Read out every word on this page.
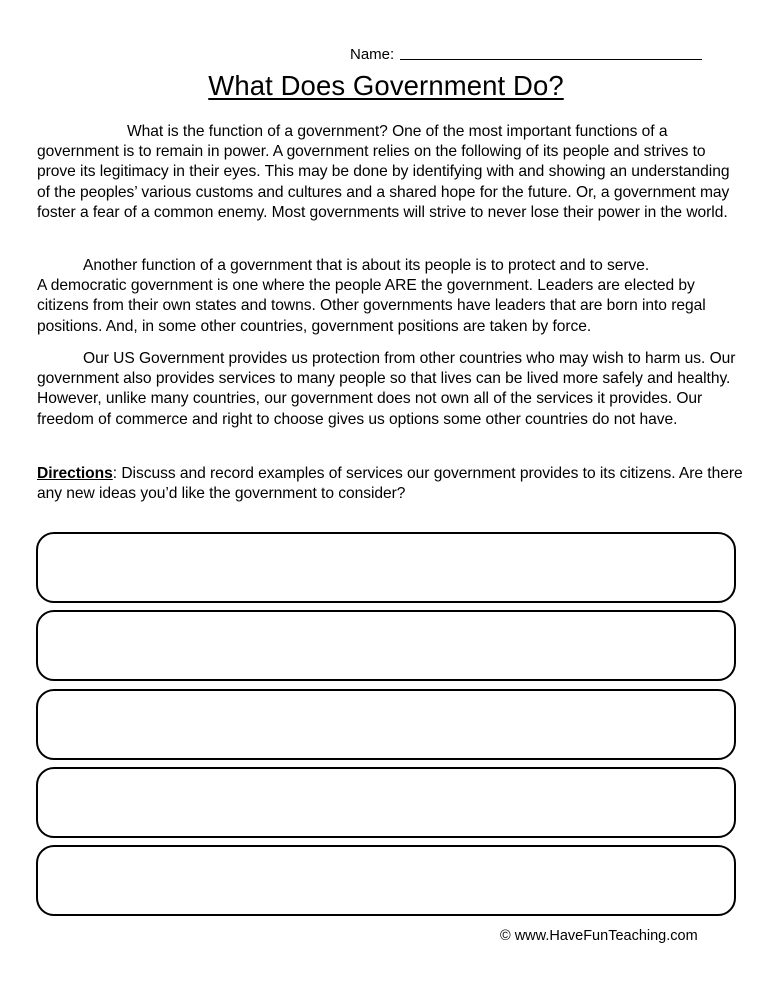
Name:
What Does Government Do?
What is the function of a government? One of the most important functions of a government is to remain in power. A government relies on the following of its people and strives to prove its legitimacy in their eyes. This may be done by identifying with and showing an understanding of the peoples’ various customs and cultures and a shared hope for the future. Or, a government may foster a fear of a common enemy. Most governments will strive to never lose their power in the world.
Another function of a government that is about its people is to protect and to serve.
A democratic government is one where the people ARE the government. Leaders are elected by citizens from their own states and towns. Other governments have leaders that are born into regal positions. And, in some other countries, government positions are taken by force.
Our US Government provides us protection from other countries who may wish to harm us. Our government also provides services to many people so that lives can be lived more safely and healthy. However, unlike many countries, our government does not own all of the services it provides. Our freedom of commerce and right to choose gives us options some other countries do not have.
Directions: Discuss and record examples of services our government provides to its citizens. Are there any new ideas you’d like the government to consider?
© www.HaveFunTeaching.com
